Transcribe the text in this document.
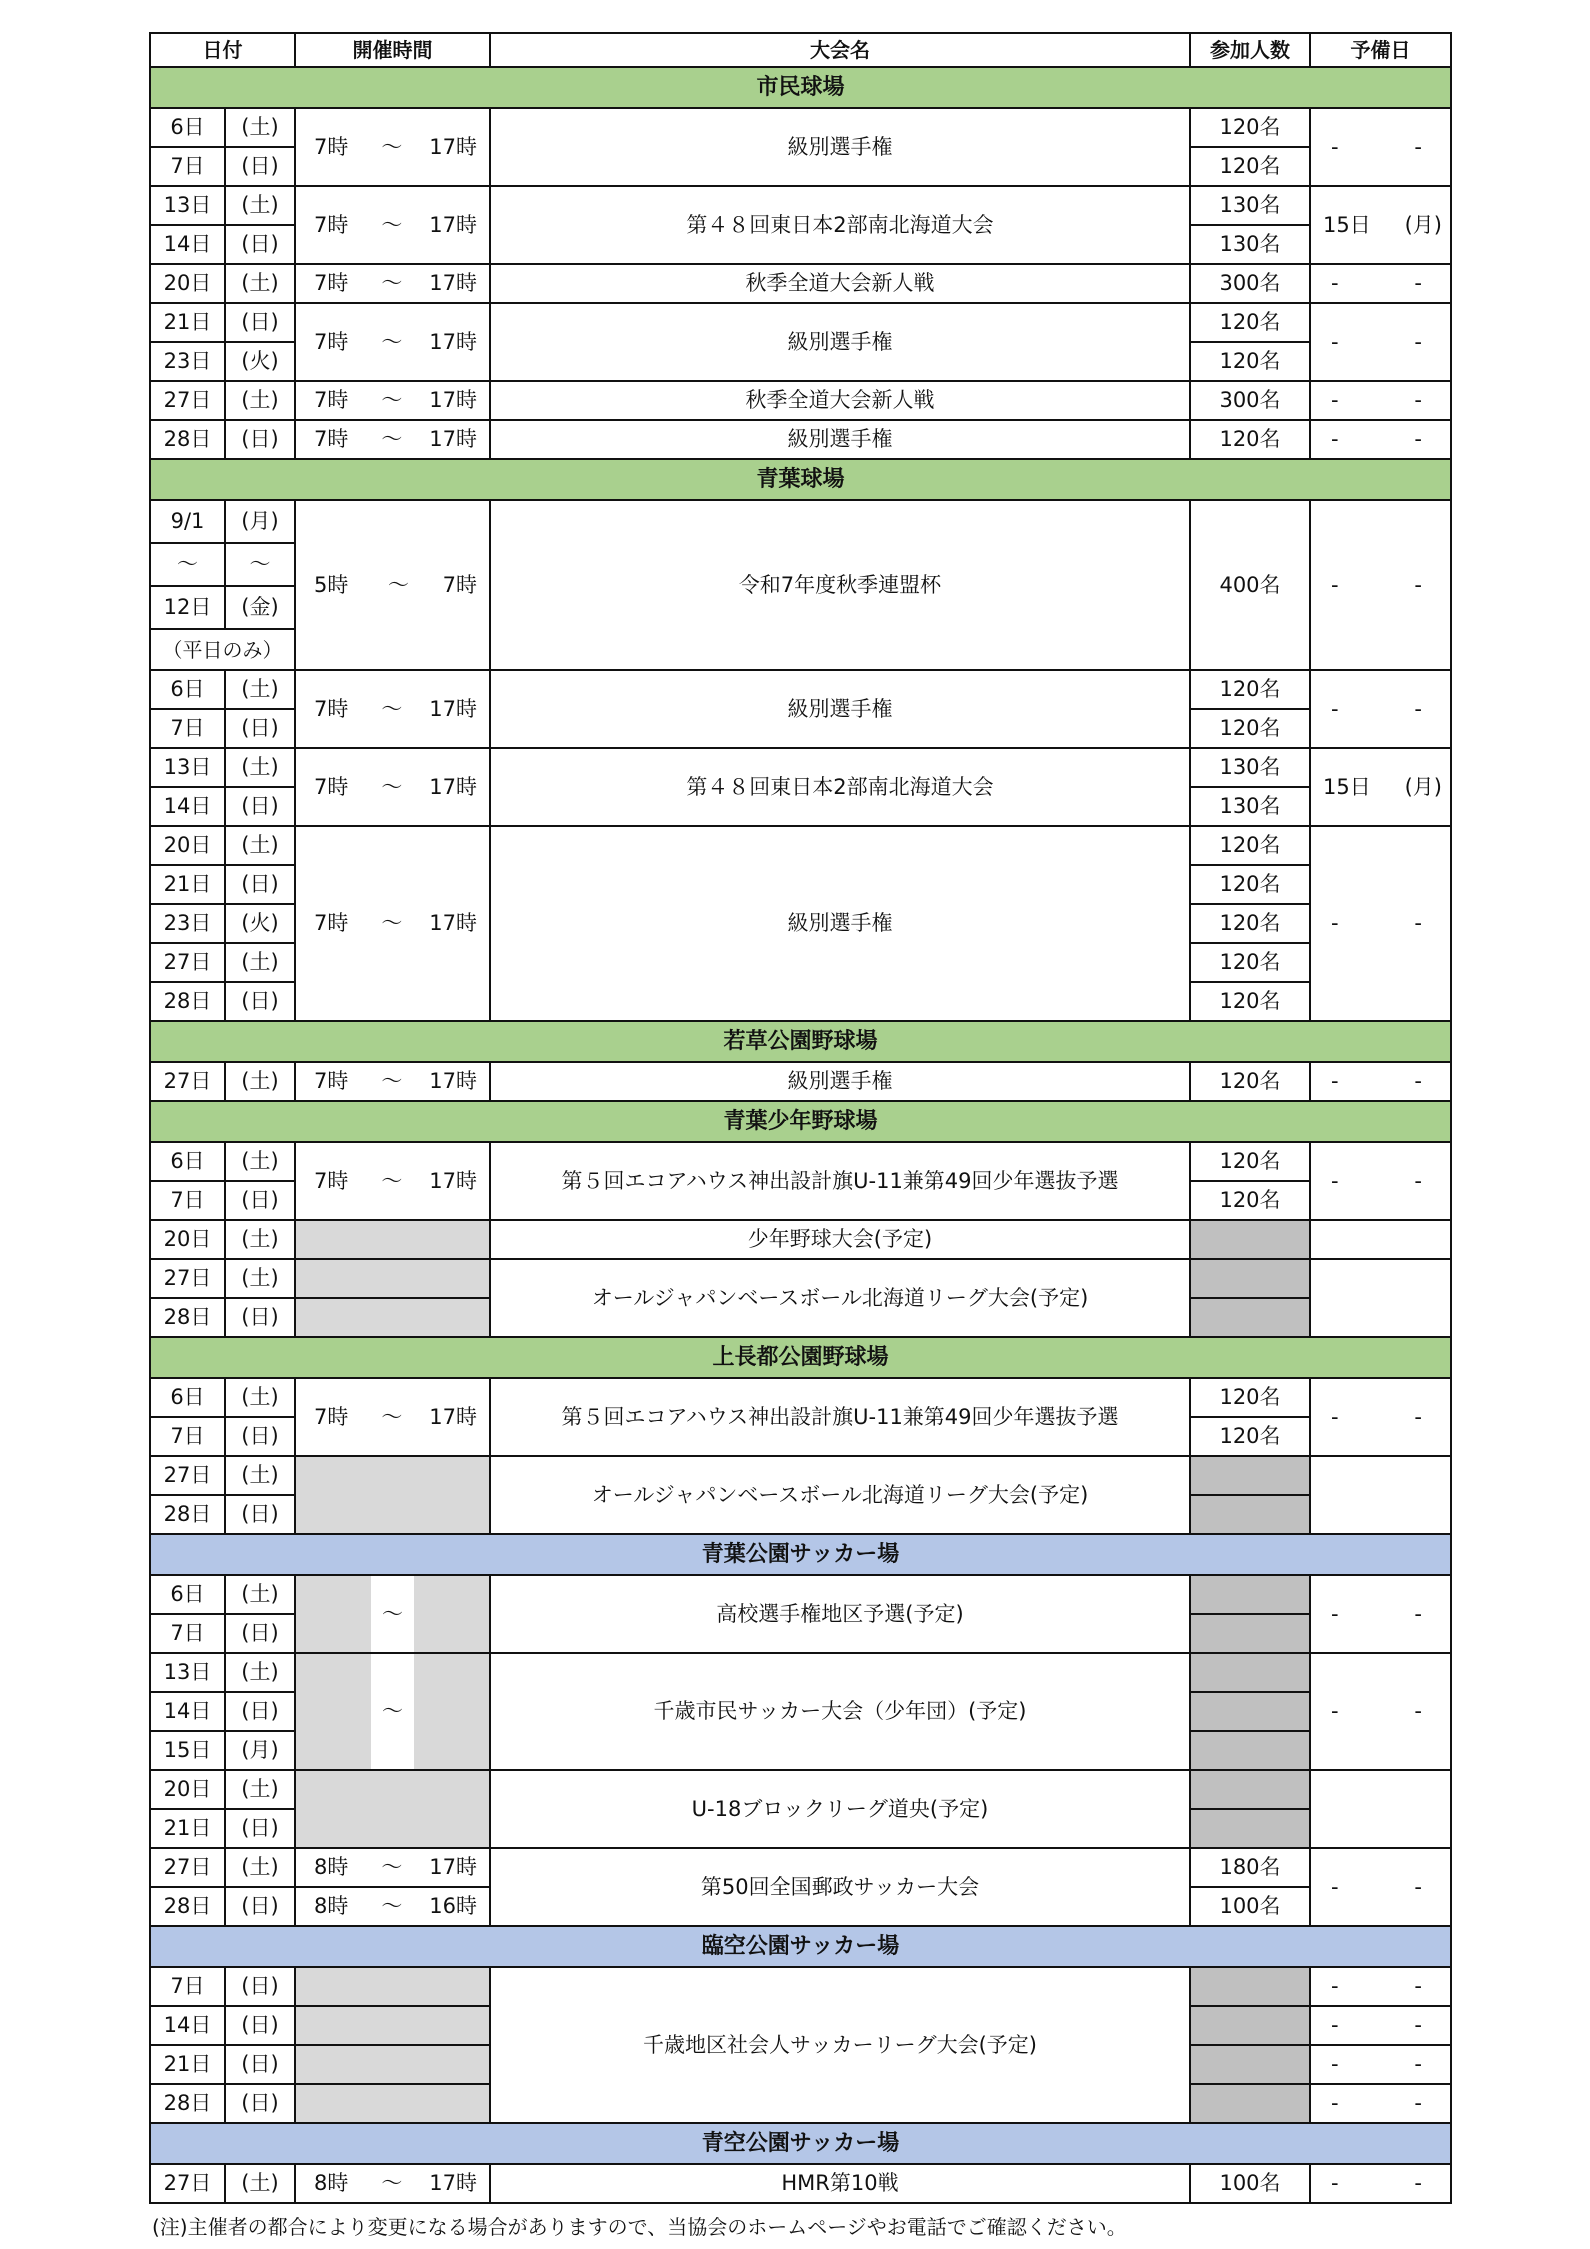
日付		開催時間	大会名	参加人数	予備日
市民球場					
6日	(土)	7時 ～ 17時	級別選手権	120名	- -

7日	(日)			120名	
13日	(土)	7時 ～ 17時	第４８回東日本2部南北海道大会	130名	15日 (月)

14日	(日)			130名	
20日	(土)	7時 ～ 17時	秋季全道大会新人戦	300名	- -

21日	(日)	7時 ～ 17時	級別選手権	120名	- -

23日	(火)			120名	
27日	(土)	7時 ～ 17時	秋季全道大会新人戦	300名	- -

28日	(日)	7時 ～ 17時	級別選手権	120名	- -

青葉球場					
9/1	(月)	5時 ～ 7時	令和7年度秋季連盟杯	400名	- -

～	～				
12日	(金)				
（平日のみ）					
6日	(土)	7時 ～ 17時	級別選手権	120名	- -

7日	(日)			120名	
13日	(土)	7時 ～ 17時	第４８回東日本2部南北海道大会	130名	15日 (月)

14日	(日)			130名	
20日	(土)	7時 ～ 17時	級別選手権	120名	- -

21日	(日)			120名	
23日	(火)			120名	
27日	(土)			120名	
28日	(日)			120名	
若草公園野球場					
27日	(土)	7時 ～ 17時	級別選手権	120名	- -

青葉少年野球場					
6日	(土)	7時 ～ 17時	第５回エコアハウス神出設計旗U-11兼第49回少年選抜予選	120名	- -

7日	(日)			120名	
20日	(土)		少年野球大会(予定)		
27日	(土)		オールジャパンベースボール北海道リーグ大会(予定)		
28日	(日)				
上長都公園野球場					
6日	(土)	7時 ～ 17時	第５回エコアハウス神出設計旗U-11兼第49回少年選抜予選	120名	- -

7日	(日)			120名	
27日	(土)		オールジャパンベースボール北海道リーグ大会(予定)		
28日	(日)				
青葉公園サッカー場					
6日	(土)	～	高校選手権地区予選(予定)		- -

7日	(日)				
13日	(土)	～	千歳市民サッカー大会（少年団）(予定)		- -

14日	(日)				
15日	(月)				
20日	(土)		U-18ブロックリーグ道央(予定)		
21日	(日)				
27日	(土)	8時 ～ 17時	第50回全国郵政サッカー大会	180名	- -

28日	(日)	8時 ～ 16時		100名	
臨空公園サッカー場					
7日	(日)		千歳地区社会人サッカーリーグ大会(予定)		- -

14日	(日)				- -

21日	(日)				- -

28日	(日)				- -

青空公園サッカー場					
27日	(土)	8時 ～ 17時	HMR第10戦	100名	- -
(注)主催者の都合により変更になる場合がありますので、当協会のホームページやお電話でご確認ください。
